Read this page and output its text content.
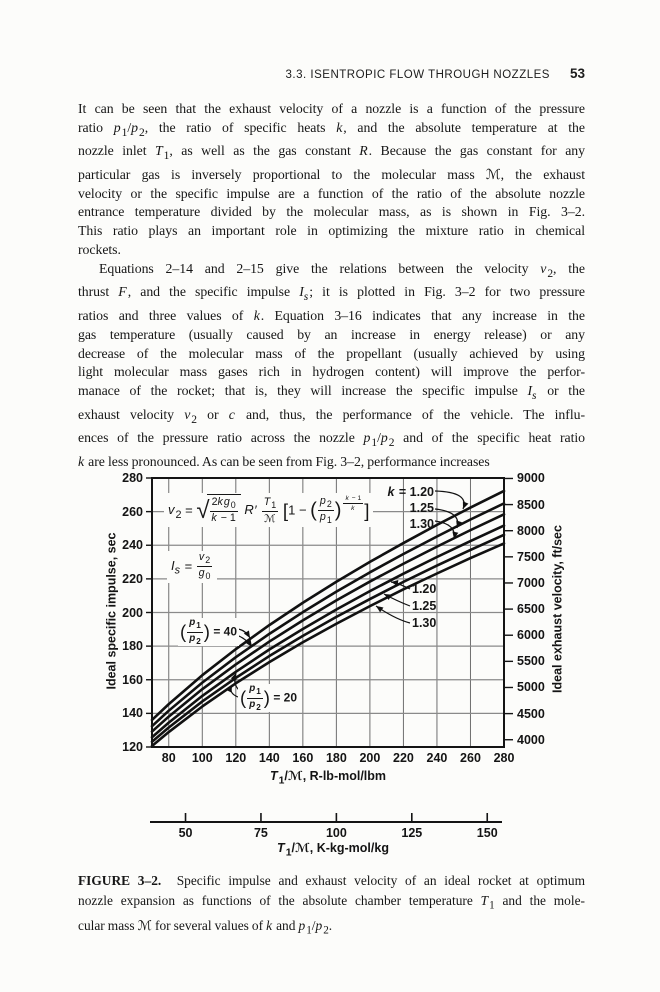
3.3. ISENTROPIC FLOW THROUGH NOZZLES 53
It can be seen that the exhaust velocity of a nozzle is a function of the pressure
ratio $p_1/p_2$, the ratio of specific heats k, and the absolute temperature at the
nozzle inlet $T_1$, as well as the gas constant R. Because the gas constant for any
particular gas is inversely proportional to the molecular mass ℳ, the exhaust
velocity or the specific impulse are a function of the ratio of the absolute nozzle
entrance temperature divided by the molecular mass, as is shown in Fig. 3–2.
This ratio plays an important role in optimizing the mixture ratio in chemical
rockets.
Equations 2–14 and 2–15 give the relations between the velocity $v_2$, the
thrust F, and the specific impulse $I_s$; it is plotted in Fig. 3–2 for two pressure
ratios and three values of k. Equation 3–16 indicates that any increase in the
gas temperature (usually caused by an increase in energy release) or any
decrease of the molecular mass of the propellant (usually achieved by using
light molecular mass gases rich in hydrogen content) will improve the perfor-
manace of the rocket; that is, they will increase the specific impulse $I_s$ or the
exhaust velocity $v_2$ or c and, thus, the performance of the vehicle. The influ-
ences of the pressure ratio across the nozzle $p_1/p_2$ and of the specific heat ratio
k are less pronounced. As can be seen from Fig. 3–2, performance increases
Ideal specific impulse, sec	Ideal exhaust velocity, ft/sec
$T_1/ℳ$, R-lb-mol/lbm
$T_1/ℳ$, K-kg-mol/kg
$v_2$ = √ $\frac{2kg_0}{k - 1} R' \frac{T_1}{\text{ℳ}} [1$ − ( $\frac{p_2}{p_1}$ ) $^{\frac{k - 1}{k}}$ ]
$I_s = \frac{v_2}{g_0}$
k = 1.20
1.25
1.30
1.20
1.25
1.30
( $\frac{p_1}{p_2}$ ) = 40
( $\frac{p_1}{p_2}$ ) = 20
120
140
160
180
200
220
240
260
280
4000
4500
5000
5500
6000
6500
7000
7500
8000
8500
9000
80 100 120 140 160 180 200 220 240 260 280
50	75	100	125	150
FIGURE 3–2.  Specific impulse and exhaust velocity of an ideal rocket at optimum
nozzle expansion as functions of the absolute chamber temperature $T_1$ and the mole-
cular mass ℳ for several values of k and $p_1/p_2$.
